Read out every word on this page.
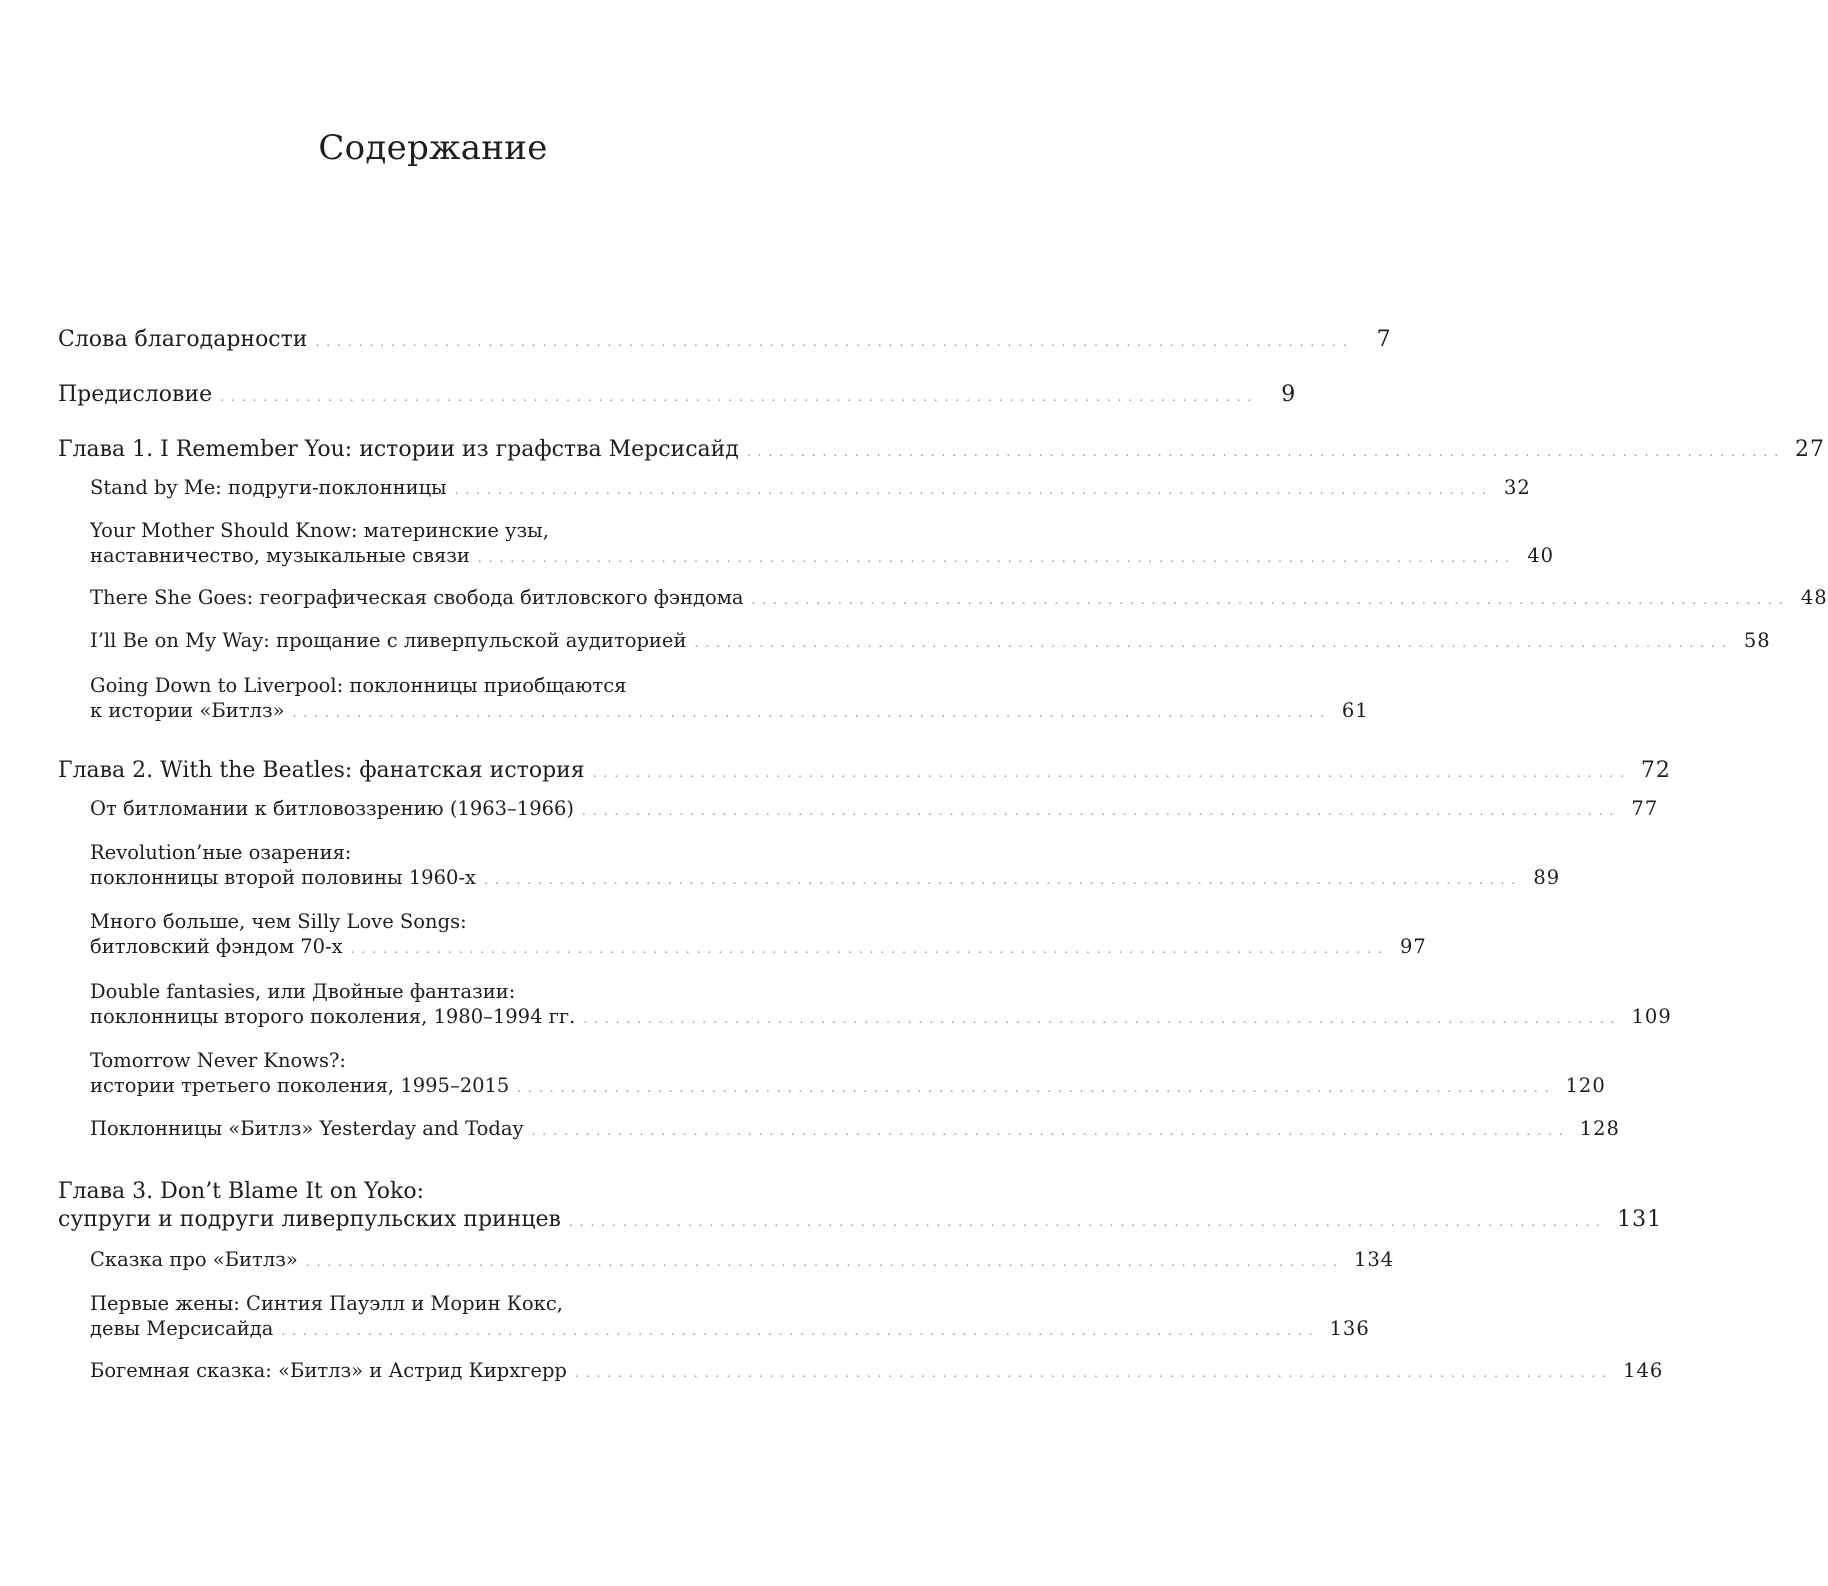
Содержание
Слова благодарности ................................................................................................	7
Предисловие ................................................................................................	9
Глава 1. I Remember You: истории из графства Мерсисайд ................................................................................................ 27
Stand by Me: подруги-поклонницы ................................................................................................ 32
Your Mother Should Know: материнские узы,
наставничество, музыкальные связи ................................................................................................ 40
There She Goes: географическая свобода битловского фэндома ................................................................................................ 48
I’ll Be on My Way: прощание с ливерпульской аудиторией ................................................................................................ 58
Going Down to Liverpool: поклонницы приобщаются
к истории «Битлз» ................................................................................................ 61
Глава 2. With the Beatles: фанатская история ................................................................................................ 72
От битломании к битловоззрению (1963–1966) ................................................................................................ 77
Revolution’ные озарения:
поклонницы второй половины 1960-х ................................................................................................ 89
Много больше, чем Silly Love Songs:
битловский фэндом 70-х ................................................................................................ 97
Double fantasies, или Двойные фантазии:
поклонницы второго поколения, 1980–1994 гг. ................................................................................................ 109
Tomorrow Never Knows?:
истории третьего поколения, 1995–2015 ................................................................................................ 120
Поклонницы «Битлз» Yesterday and Today ................................................................................................ 128
Глава 3. Don’t Blame It on Yoko:
супруги и подруги ливерпульских принцев ................................................................................................ 131
Сказка про «Битлз» ................................................................................................ 134
Первые жены: Синтия Пауэлл и Морин Кокс,
девы Мерсисайда ................................................................................................ 136
Богемная сказка: «Битлз» и Астрид Кирхгерр ................................................................................................ 146
